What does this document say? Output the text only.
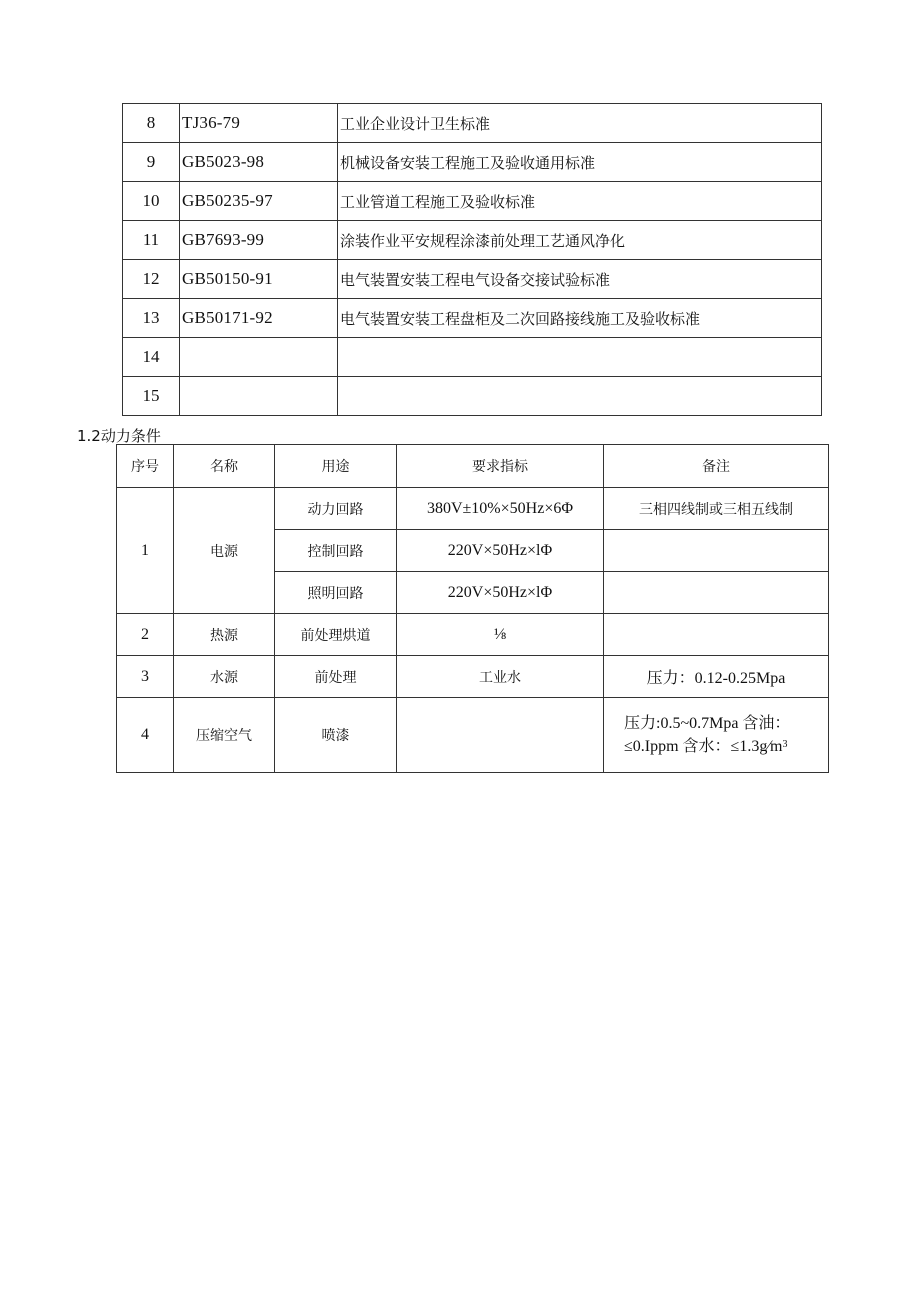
8	TJ36-79	工业企业设计卫生标准
9	GB5023-98	机械设备安装工程施工及验收通用标准
10	GB50235-97	工业管道工程施工及验收标准
11	GB7693-99	涂装作业平安规程涂漆前处理工艺通风净化
12	GB50150-91	电气装置安装工程电气设备交接试验标准
13	GB50171-92	电气装置安装工程盘柜及二次回路接线施工及验收标准
14		
15		
1.2动力条件
序号	名称	用途	要求指标	备注
1	电源	动力回路	380V±10%×50Hz×6Φ	三相四线制或三相五线制
		控制回路	220V×50Hz×lΦ	
		照明回路	220V×50Hz×lΦ	
2	热源	前处理烘道	⅛	
3	水源	前处理	工业水	压力：0.12-0.25Mpa
4	压缩空气	喷漆		压力:0.5~0.7Mpa 含油：
≤0.Ippm 含水：$\le 1.3g∕m^3$
